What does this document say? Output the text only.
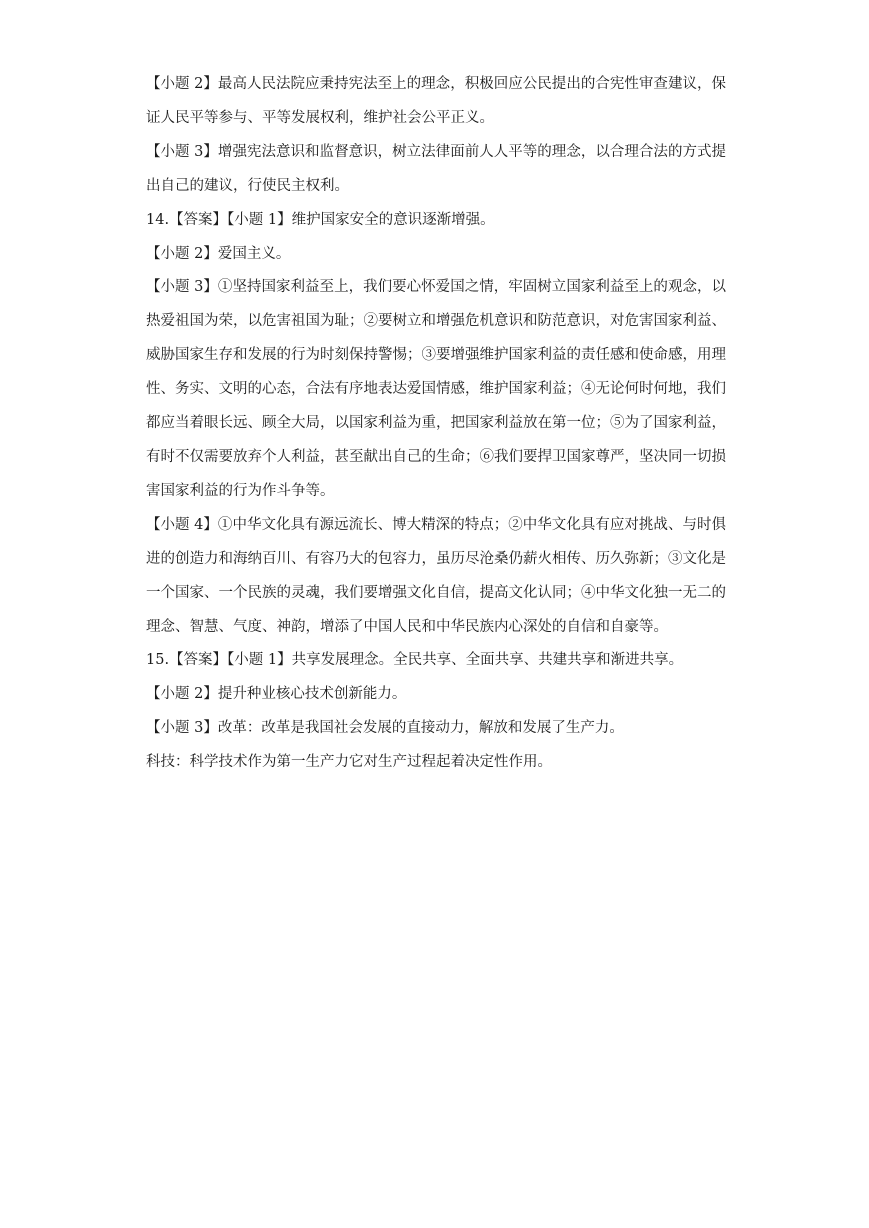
【小题 2】最高人民法院应秉持宪法至上的理念，积极回应公民提出的合宪性审查建议，保证人民平等参与、平等发展权利，维护社会公平正义。

【小题 3】增强宪法意识和监督意识，树立法律面前人人平等的理念，以合理合法的方式提出自己的建议，行使民主权利。

14.【答案】【小题 1】维护国家安全的意识逐渐增强。

【小题 2】爱国主义。

【小题 3】①坚持国家利益至上，我们要心怀爱国之情，牢固树立国家利益至上的观念，以热爱祖国为荣，以危害祖国为耻；②要树立和增强危机意识和防范意识，对危害国家利益、威胁国家生存和发展的行为时刻保持警惕；③要增强维护国家利益的责任感和使命感，用理性、务实、文明的心态，合法有序地表达爱国情感，维护国家利益；④无论何时何地，我们都应当着眼长远、顾全大局，以国家利益为重，把国家利益放在第一位；⑤为了国家利益，有时不仅需要放弃个人利益，甚至献出自己的生命；⑥我们要捍卫国家尊严，坚决同一切损害国家利益的行为作斗争等。

【小题 4】①中华文化具有源远流长、博大精深的特点；②中华文化具有应对挑战、与时俱进的创造力和海纳百川、有容乃大的包容力，虽历尽沧桑仍薪火相传、历久弥新；③文化是一个国家、一个民族的灵魂，我们要增强文化自信，提高文化认同；④中华文化独一无二的理念、智慧、气度、神韵，增添了中国人民和中华民族内心深处的自信和自豪等。

15.【答案】【小题 1】共享发展理念。全民共享、全面共享、共建共享和渐进共享。

【小题 2】提升种业核心技术创新能力。

【小题 3】改革：改革是我国社会发展的直接动力，解放和发展了生产力。

科技：科学技术作为第一生产力它对生产过程起着决定性作用。
